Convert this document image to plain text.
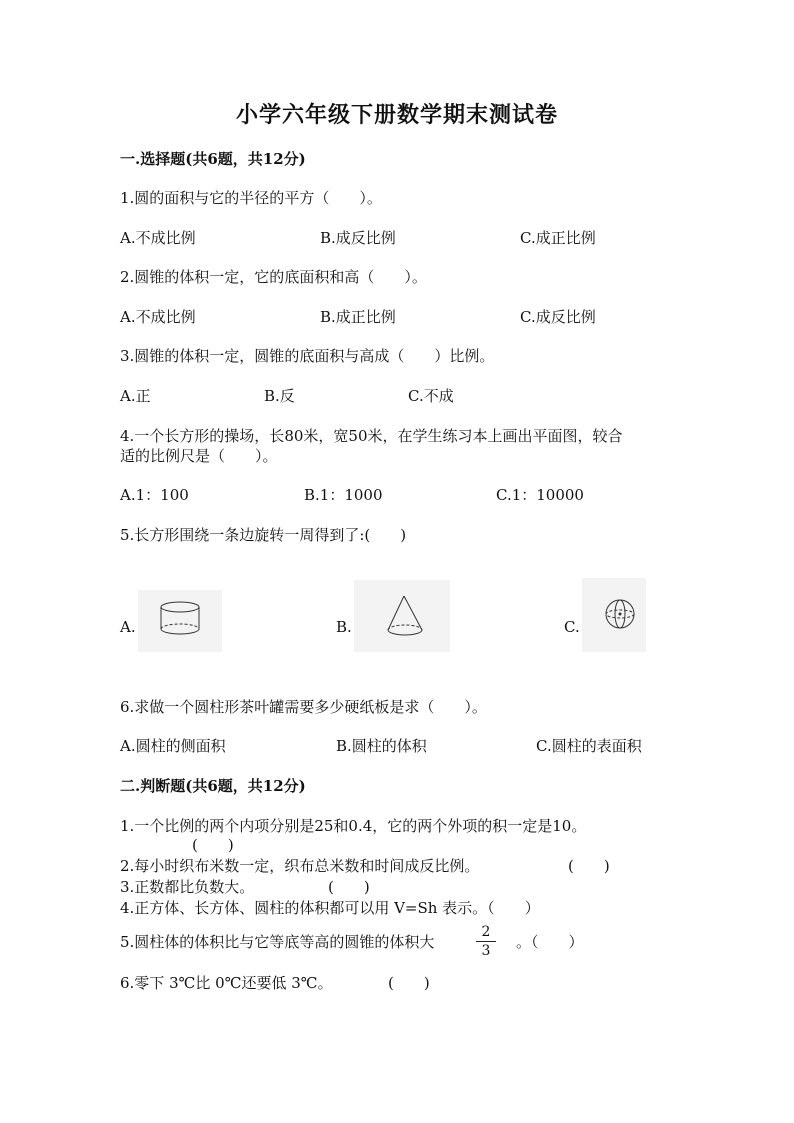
小学六年级下册数学期末测试卷
一.选择题(共6题，共12分)
1.圆的面积与它的半径的平方（　　）。
A.不成比例	B.成反比例	C.成正比例
2.圆锥的体积一定，它的底面积和高（　　）。
A.不成比例	B.成正比例	C.成反比例
3.圆锥的体积一定，圆锥的底面积与高成（　　）比例。
A.正	B.反	C.不成
4.一个长方形的操场，长80米，宽50米，在学生练习本上画出平面图，较合
适的比例尺是（　　）。
A.1：100	B.1：1000	C.1：10000
5.长方形围绕一条边旋转一周得到了:(　　)
A.	B.	C.
6.求做一个圆柱形茶叶罐需要多少硬纸板是求（　　）。
A.圆柱的侧面积	B.圆柱的体积	C.圆柱的表面积
二.判断题(共6题，共12分)
1.一个比例的两个内项分别是25和0.4，它的两个外项的积一定是10。
(　　)
2.每小时织布米数一定，织布总米数和时间成反比例。	(　　)
3.正数都比负数大。	(　　)
4.正方体、长方体、圆柱的体积都可以用 V=Sh 表示。（　　）
5.圆柱体的体积比与它等底等高的圆锥的体积大
2
3	。（　　）
6.零下 3℃比 0℃还要低 3℃。	(　　)
